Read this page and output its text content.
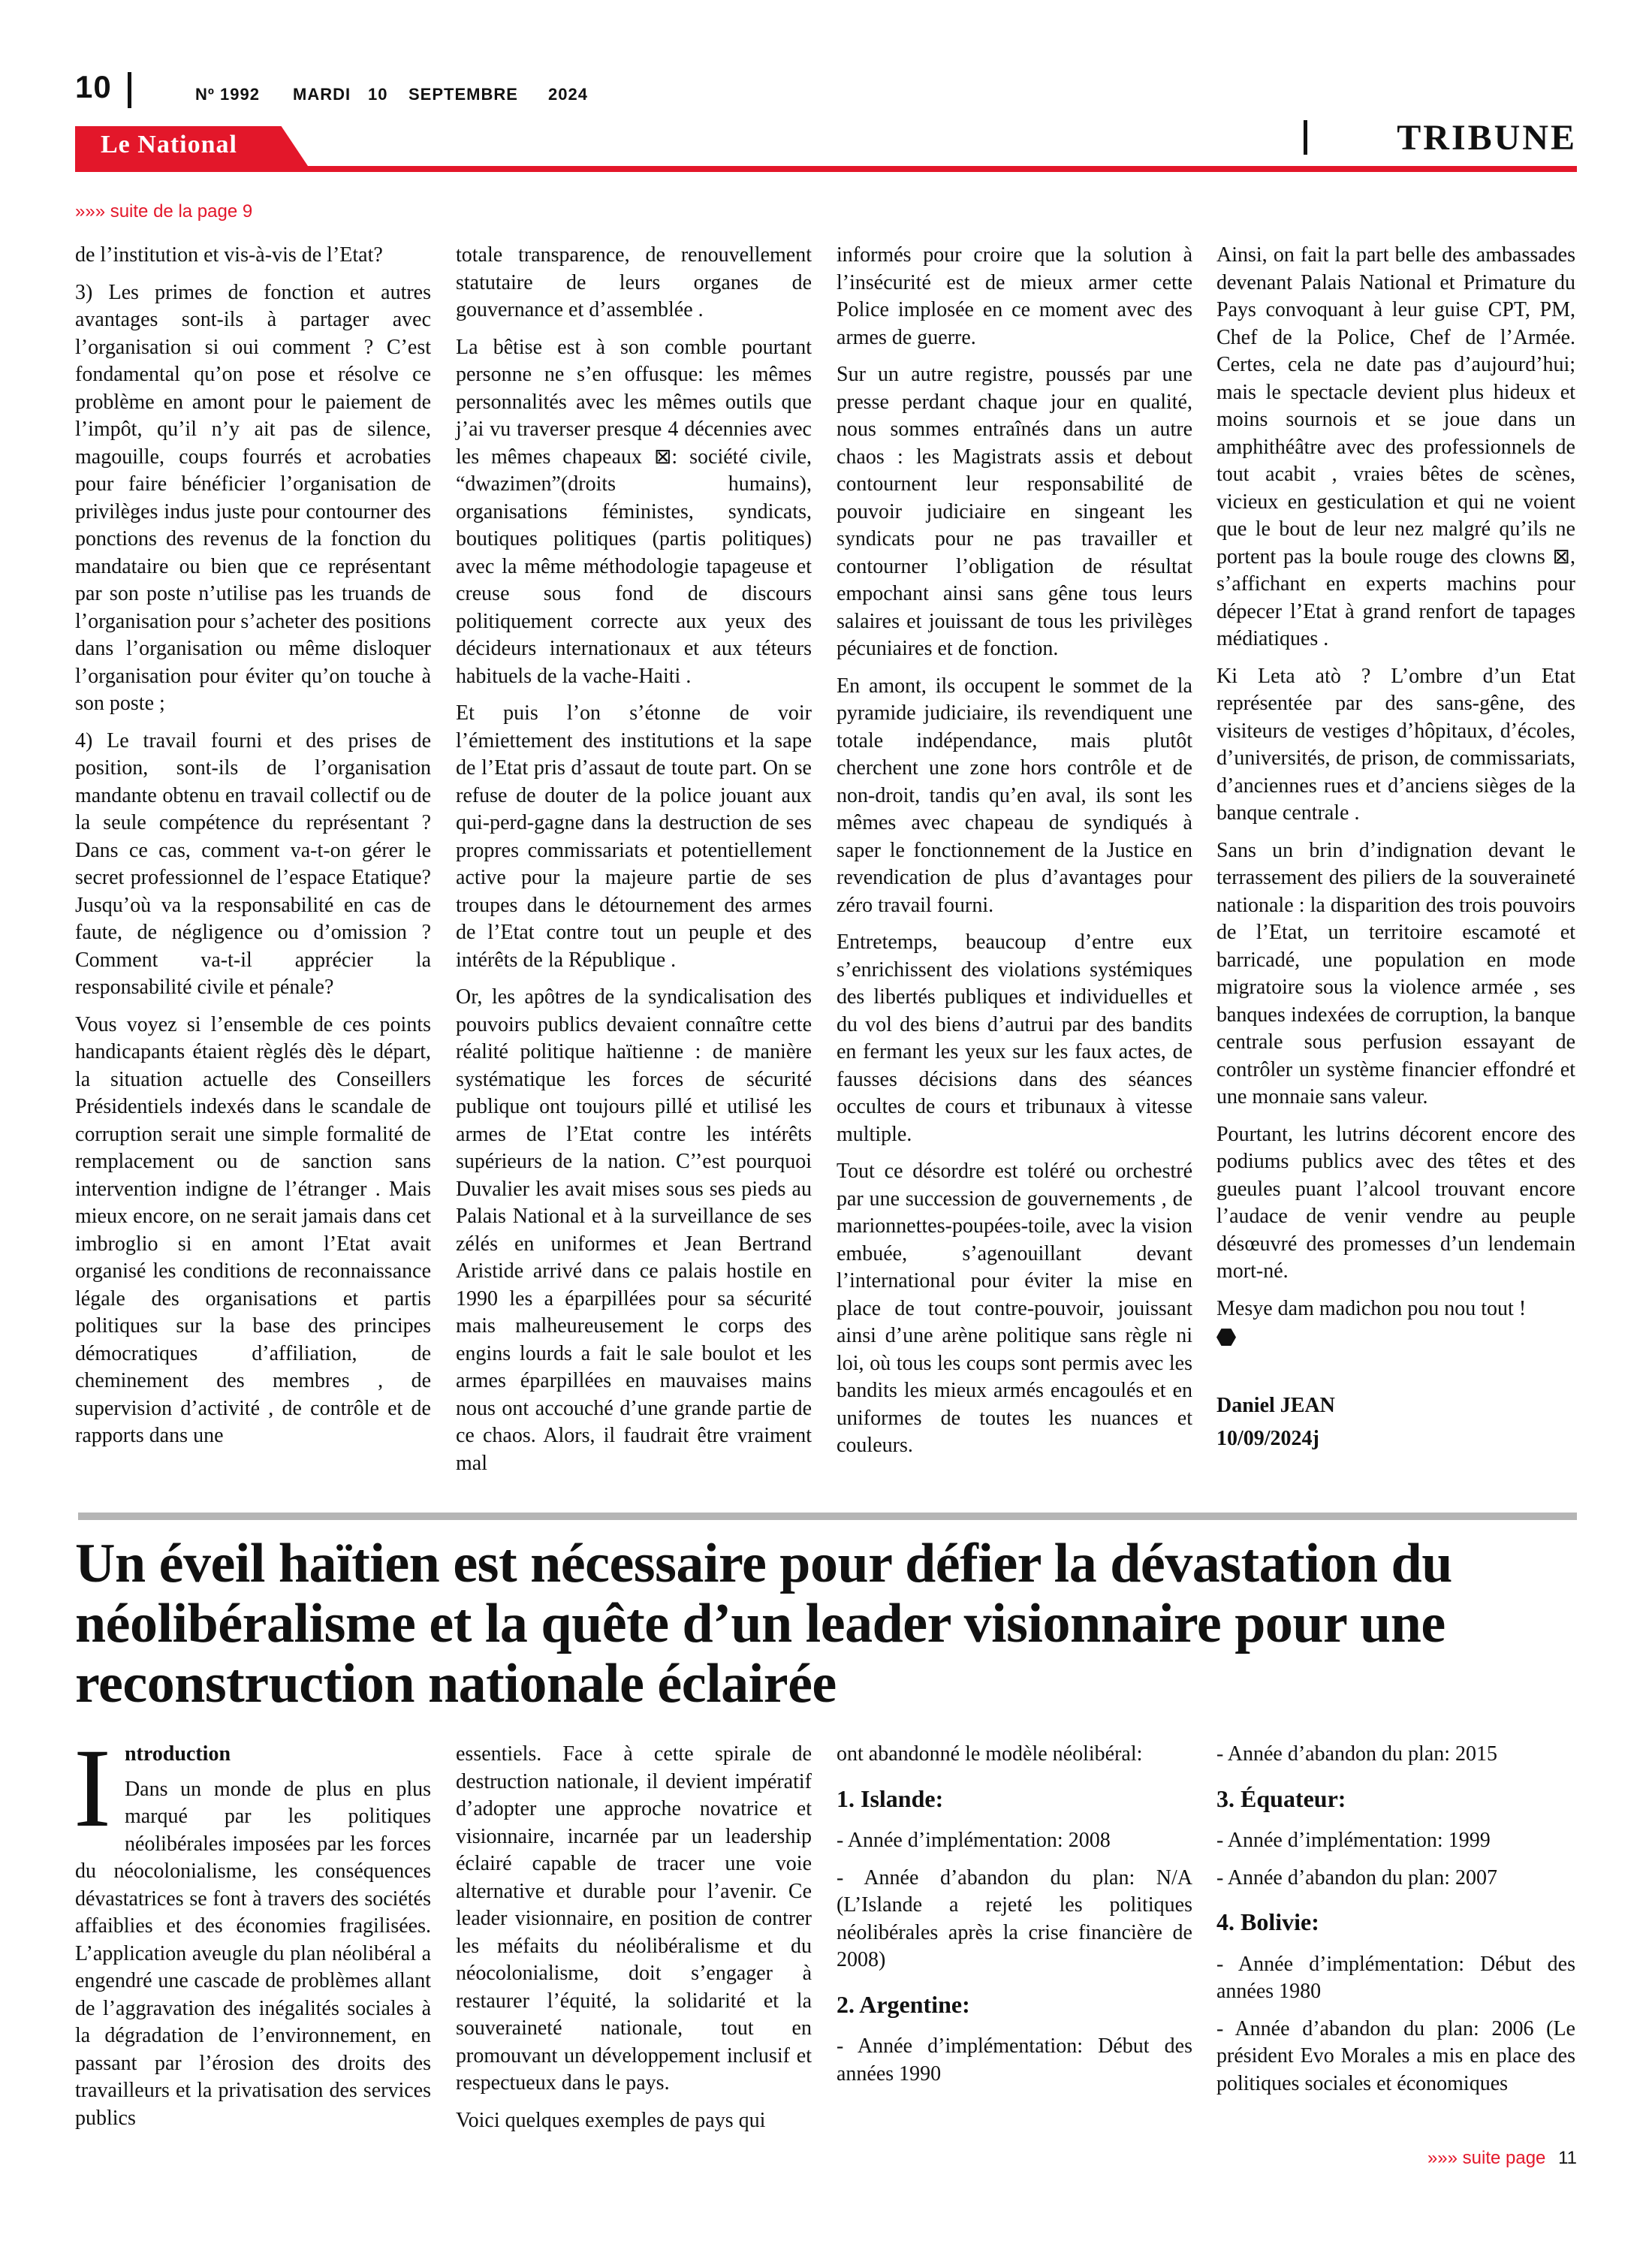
10	Nº 1992 MARDI 10 SEPTEMBRE 2024
Le National	TRIBUNE
»»» suite de la page 9

de l’institution et vis-à-vis de l’Etat?

3) Les primes de fonction et autres avantages sont-ils à partager avec l’organisation si oui comment ? C’est fondamental qu’on pose et résolve ce problème en amont pour le paiement de l’impôt, qu’il n’y ait pas de silence, magouille, coups fourrés et acrobaties pour faire bénéficier l’organisation de privilèges indus juste pour contourner des ponctions des revenus de la fonction du mandataire ou bien que ce représentant par son poste n’utilise pas les truands de l’organisation pour s’acheter des positions dans l’organisation ou même disloquer l’organisation pour éviter qu’on touche à son poste ;

4) Le travail fourni et des prises de position, sont-ils de l’organisation mandante obtenu en travail collectif ou de la seule compétence du représentant ? Dans ce cas, comment va-t-on gérer le secret professionnel de l’espace Etatique? Jusqu’où va la responsabilité en cas de faute, de négligence ou d’omission ? Comment va-t-il apprécier la responsabilité civile et pénale?

Vous voyez si l’ensemble de ces points handicapants étaient règlés dès le départ, la situation actuelle des Conseillers Présidentiels indexés dans le scandale de corruption serait une simple formalité de remplacement ou de sanction sans intervention indigne de l’étranger . Mais mieux encore, on ne serait jamais dans cet imbroglio si en amont l’Etat avait organisé les conditions de reconnaissance légale des organisations et partis politiques sur la base des principes démocratiques d’affiliation, de cheminement des membres , de supervision d’activité , de contrôle et de rapports dans une

totale transparence, de renouvellement statutaire de leurs organes de gouvernance et d’assemblée .

La bêtise est à son comble pourtant personne ne s’en offusque: les mêmes personnalités avec les mêmes outils que j’ai vu traverser presque 4 décennies avec les mêmes chapeaux ⊠: société civile, “dwazimen”(droits humains), organisations féministes, syndicats, boutiques politiques (partis politiques) avec la même méthodologie tapageuse et creuse sous fond de discours politiquement correcte aux yeux des décideurs internationaux et aux téteurs habituels de la vache-Haiti .

Et puis l’on s’étonne de voir l’émiettement des institutions et la sape de l’Etat pris d’assaut de toute part. On se refuse de douter de la police jouant aux qui-perd-gagne dans la destruction de ses propres commissariats et potentiellement active pour la majeure partie de ses troupes dans le détournement des armes de l’Etat contre tout un peuple et des intérêts de la République .

Or, les apôtres de la syndicalisation des pouvoirs publics devaient connaître cette réalité politique haïtienne : de manière systématique les forces de sécurité publique ont toujours pillé et utilisé les armes de l’Etat contre les intérêts supérieurs de la nation. C’’est pourquoi Duvalier les avait mises sous ses pieds au Palais National et à la surveillance de ses zélés en uniformes et Jean Bertrand Aristide arrivé dans ce palais hostile en 1990 les a éparpillées pour sa sécurité mais malheureusement le corps des engins lourds a fait le sale boulot et les armes éparpillées en mauvaises mains nous ont accouché d’une grande partie de ce chaos. Alors, il faudrait être vraiment mal

informés pour croire que la solution à l’insécurité est de mieux armer cette Police implosée en ce moment avec des armes de guerre.

Sur un autre registre, poussés par une presse perdant chaque jour en qualité, nous sommes entraînés dans un autre chaos : les Magistrats assis et debout contournent leur responsabilité de pouvoir judiciaire en singeant les syndicats pour ne pas travailler et contourner l’obligation de résultat empochant ainsi sans gêne tous leurs salaires et jouissant de tous les privilèges pécuniaires et de fonction.

En amont, ils occupent le sommet de la pyramide judiciaire, ils revendiquent une totale indépendance, mais plutôt cherchent une zone hors contrôle et de non-droit, tandis qu’en aval, ils sont les mêmes avec chapeau de syndiqués à saper le fonctionnement de la Justice en revendication de plus d’avantages pour zéro travail fourni.

Entretemps, beaucoup d’entre eux s’enrichissent des violations systémiques des libertés publiques et individuelles et du vol des biens d’autrui par des bandits en fermant les yeux sur les faux actes, de fausses décisions dans des séances occultes de cours et tribunaux à vitesse multiple.

Tout ce désordre est toléré ou orchestré par une succession de gouvernements , de marionnettes-poupées-toile, avec la vision embuée, s’agenouillant devant l’international pour éviter la mise en place de tout contre-pouvoir, jouissant ainsi d’une arène politique sans règle ni loi, où tous les coups sont permis avec les bandits les mieux armés encagoulés et en uniformes de toutes les nuances et couleurs.

Ainsi, on fait la part belle des ambassades devenant Palais National et Primature du Pays convoquant à leur guise CPT, PM, Chef de la Police, Chef de l’Armée. Certes, cela ne date pas d’aujourd’hui; mais le spectacle devient plus hideux et moins sournois et se joue dans un amphithéâtre avec des professionnels de tout acabit , vraies bêtes de scènes, vicieux en gesticulation et qui ne voient que le bout de leur nez malgré qu’ils ne portent pas la boule rouge des clowns ⊠, s’affichant en experts machins pour dépecer l’Etat à grand renfort de tapages médiatiques .

Ki Leta atò ? L’ombre d’un Etat représentée par des sans-gêne, des visiteurs de vestiges d’hôpitaux, d’écoles, d’universités, de prison, de commissariats, d’anciennes rues et d’anciens sièges de la banque centrale .

Sans un brin d’indignation devant le terrassement des piliers de la souveraineté nationale : la disparition des trois pouvoirs de l’Etat, un territoire escamoté et barricadé, une population en mode migratoire sous la violence armée , ses banques indexées de corruption, la banque centrale sous perfusion essayant de contrôler un système financier effondré et une monnaie sans valeur.

Pourtant, les lutrins décorent encore des podiums publics avec des têtes et des gueules puant l’alcool trouvant encore l’audace de venir vendre au peuple désœuvré des promesses d’un lendemain mort-né.

Mesye dam madichon pou nou tout !

Daniel JEAN
10/09/2024j
Un éveil haïtien est nécessaire pour défier la dévastation du néolibéralisme et la quête d’un leader visionnaire pour une reconstruction nationale éclairée
I ntroduction
Dans un monde de plus en plus marqué par les politiques néolibérales imposées par les forces du néocolonialisme, les conséquences dévastatrices se font à travers des sociétés affaiblies et des économies fragilisées. L’application aveugle du plan néolibéral a engendré une cascade de problèmes allant de l’aggravation des inégalités sociales à la dégradation de l’environnement, en passant par l’érosion des droits des travailleurs et la privatisation des services publics

essentiels. Face à cette spirale de destruction nationale, il devient impératif d’adopter une approche novatrice et visionnaire, incarnée par un leadership éclairé capable de tracer une voie alternative et durable pour l’avenir. Ce leader visionnaire, en position de contrer les méfaits du néolibéralisme et du néocolonialisme, doit s’engager à restaurer l’équité, la solidarité et la souveraineté nationale, tout en promouvant un développement inclusif et respectueux dans le pays.

Voici quelques exemples de pays qui

ont abandonné le modèle néolibéral:

1. Islande:

- Année d’implémentation: 2008

- Année d’abandon du plan: N/A (L’Islande a rejeté les politiques néolibérales après la crise financière de 2008)

2. Argentine:

- Année d’implémentation: Début des années 1990

- Année d’abandon du plan: 2015

3. Équateur:

- Année d’implémentation: 1999

- Année d’abandon du plan: 2007

4. Bolivie:

- Année d’implémentation: Début des années 1980

- Année d’abandon du plan: 2006 (Le président Evo Morales a mis en place des politiques sociales et économiques

»»» suite page 11
